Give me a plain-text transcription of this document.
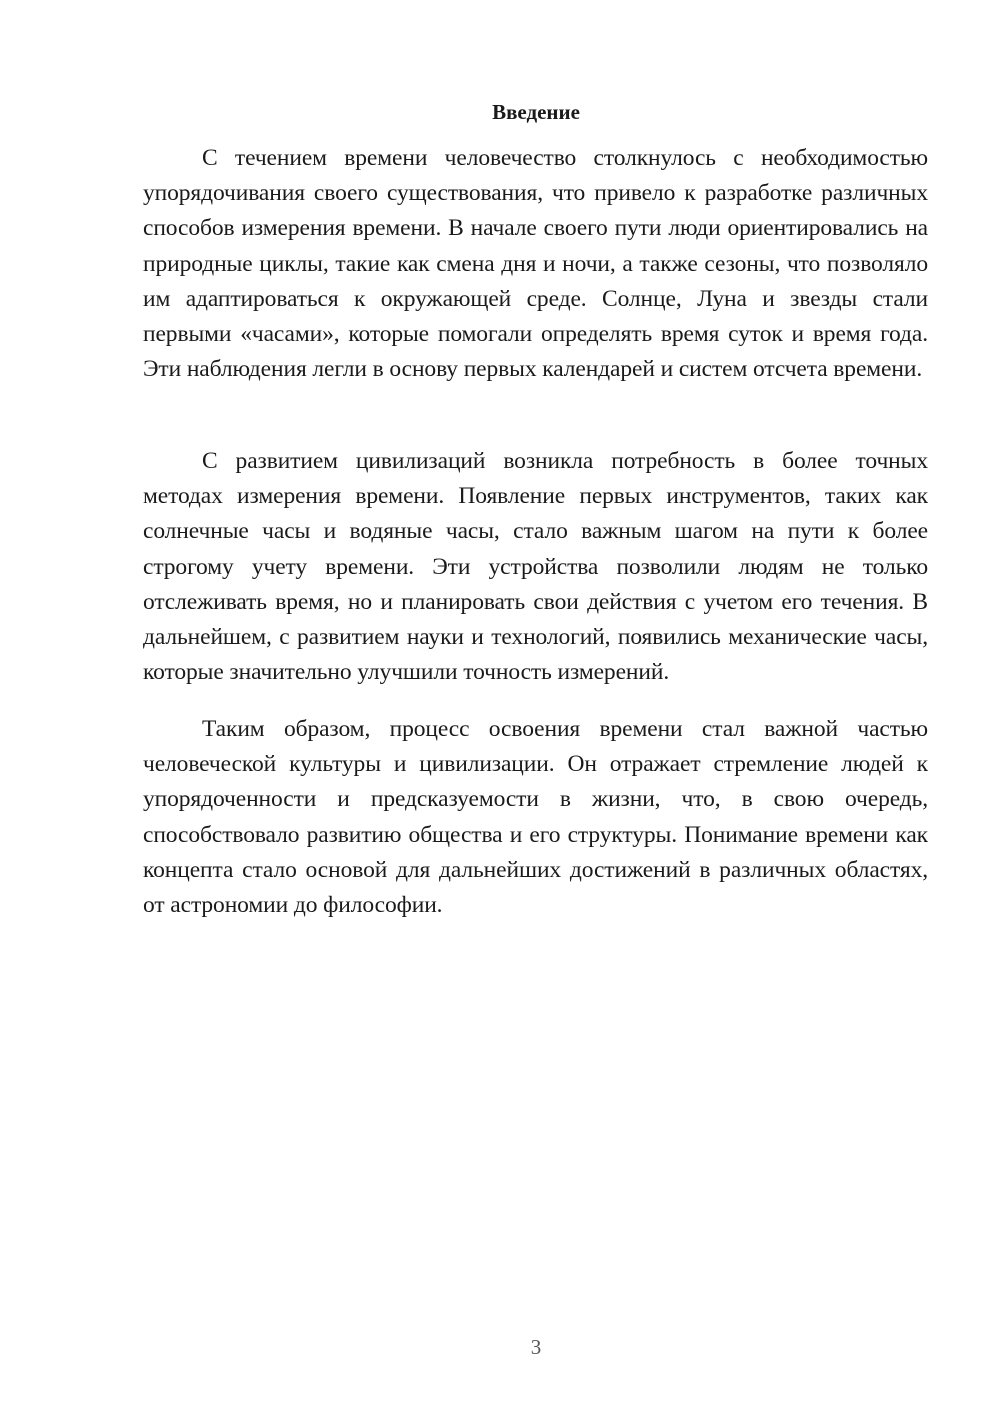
Введение

С течением времени человечество столкнулось с необходимостью упорядочивания своего существования, что привело к разработке различных способов измерения времени. В начале своего пути люди ориентировались на природные циклы, такие как смена дня и ночи, а также сезоны, что позволяло им адаптироваться к окружающей среде. Солнце, Луна и звезды стали первыми «часами», которые помогали определять время суток и время года. Эти наблюдения легли в основу первых календарей и систем отсчета времени.

С развитием цивилизаций возникла потребность в более точных методах измерения времени. Появление первых инструментов, таких как солнечные часы и водяные часы, стало важным шагом на пути к более строгому учету времени. Эти устройства позволили людям не только отслеживать время, но и планировать свои действия с учетом его течения. В дальнейшем, с развитием науки и технологий, появились механические часы, которые значительно улучшили точность измерений.

Таким образом, процесс освоения времени стал важной частью человеческой культуры и цивилизации. Он отражает стремление людей к упорядоченности и предсказуемости в жизни, что, в свою очередь, способствовало развитию общества и его структуры. Понимание времени как концепта стало основой для дальнейших достижений в различных областях, от астрономии до философии.

3
